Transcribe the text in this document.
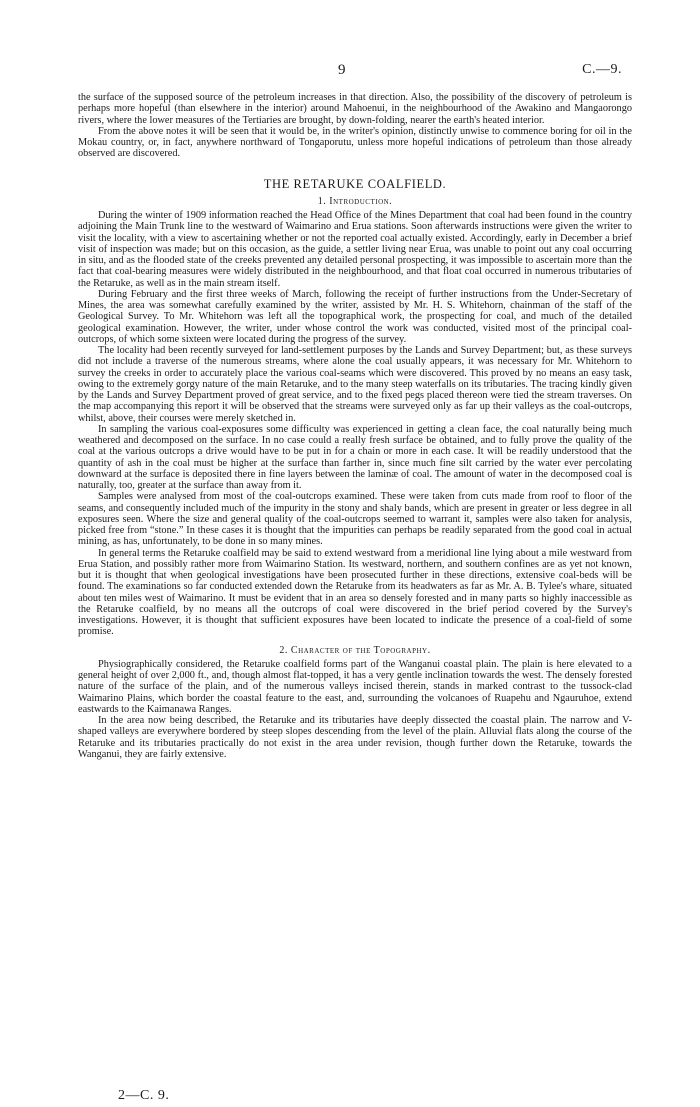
9	C.—9.

the surface of the supposed source of the petroleum increases in that direction. Also, the possibility of the discovery of petroleum is perhaps more hopeful (than elsewhere in the interior) around Mahoenui, in the neighbourhood of the Awakino and Mangaorongo rivers, where the lower measures of the Tertiaries are brought, by down-folding, nearer the earth's heated interior.

From the above notes it will be seen that it would be, in the writer's opinion, distinctly unwise to commence boring for oil in the Mokau country, or, in fact, anywhere northward of Tongaporutu, unless more hopeful indications of petroleum than those already observed are discovered.

THE RETARUKE COALFIELD.
1. Introduction.

During the winter of 1909 information reached the Head Office of the Mines Department that coal had been found in the country adjoining the Main Trunk line to the westward of Waimarino and Erua stations. Soon afterwards instructions were given the writer to visit the locality, with a view to ascertaining whether or not the reported coal actually existed. Accordingly, early in December a brief visit of inspection was made; but on this occasion, as the guide, a settler living near Erua, was unable to point out any coal occurring in situ, and as the flooded state of the creeks prevented any detailed personal prospecting, it was impossible to ascertain more than the fact that coal-bearing measures were widely distributed in the neighbourhood, and that float coal occurred in numerous tributaries of the Retaruke, as well as in the main stream itself.

During February and the first three weeks of March, following the receipt of further instructions from the Under-Secretary of Mines, the area was somewhat carefully examined by the writer, assisted by Mr. H. S. Whitehorn, chainman of the staff of the Geological Survey. To Mr. Whitehorn was left all the topographical work, the prospecting for coal, and much of the detailed geological examination. However, the writer, under whose control the work was conducted, visited most of the principal coal-outcrops, of which some sixteen were located during the progress of the survey.

The locality had been recently surveyed for land-settlement purposes by the Lands and Survey Department; but, as these surveys did not include a traverse of the numerous streams, where alone the coal usually appears, it was necessary for Mr. Whitehorn to survey the creeks in order to accurately place the various coal-seams which were discovered. This proved by no means an easy task, owing to the extremely gorgy nature of the main Retaruke, and to the many steep waterfalls on its tributaries. The tracing kindly given by the Lands and Survey Department proved of great service, and to the fixed pegs placed thereon were tied the stream traverses. On the map accompanying this report it will be observed that the streams were surveyed only as far up their valleys as the coal-outcrops, whilst, above, their courses were merely sketched in.

In sampling the various coal-exposures some difficulty was experienced in getting a clean face, the coal naturally being much weathered and decomposed on the surface. In no case could a really fresh surface be obtained, and to fully prove the quality of the coal at the various outcrops a drive would have to be put in for a chain or more in each case. It will be readily understood that the quantity of ash in the coal must be higher at the surface than farther in, since much fine silt carried by the water ever percolating downward at the surface is deposited there in fine layers between the laminæ of coal. The amount of water in the decomposed coal is naturally, too, greater at the surface than away from it.

Samples were analysed from most of the coal-outcrops examined. These were taken from cuts made from roof to floor of the seams, and consequently included much of the impurity in the stony and shaly bands, which are present in greater or less degree in all exposures seen. Where the size and general quality of the coal-outcrops seemed to warrant it, samples were also taken for analysis, picked free from “stone.” In these cases it is thought that the impurities can perhaps be readily separated from the good coal in actual mining, as has, unfortunately, to be done in so many mines.

In general terms the Retaruke coalfield may be said to extend westward from a meridional line lying about a mile westward from Erua Station, and possibly rather more from Waimarino Station. Its westward, northern, and southern confines are as yet not known, but it is thought that when geological investigations have been prosecuted further in these directions, extensive coal-beds will be found. The examinations so far conducted extended down the Retaruke from its headwaters as far as Mr. A. B. Tylee's whare, situated about ten miles west of Waimarino. It must be evident that in an area so densely forested and in many parts so highly inaccessible as the Retaruke coalfield, by no means all the outcrops of coal were discovered in the brief period covered by the Survey's investigations. However, it is thought that sufficient exposures have been located to indicate the presence of a coal-field of some promise.

2. Character of the Topography.

Physiographically considered, the Retaruke coalfield forms part of the Wanganui coastal plain. The plain is here elevated to a general height of over 2,000 ft., and, though almost flat-topped, it has a very gentle inclination towards the west. The densely forested nature of the surface of the plain, and of the numerous valleys incised therein, stands in marked contrast to the tussock-clad Waimarino Plains, which border the coastal feature to the east, and, surrounding the volcanoes of Ruapehu and Ngauruhoe, extend eastwards to the Kaimanawa Ranges.

In the area now being described, the Retaruke and its tributaries have deeply dissected the coastal plain. The narrow and V-shaped valleys are everywhere bordered by steep slopes descending from the level of the plain. Alluvial flats along the course of the Retaruke and its tributaries practically do not exist in the area under revision, though further down the Retaruke, towards the Wanganui, they are fairly extensive.

2—C. 9.
